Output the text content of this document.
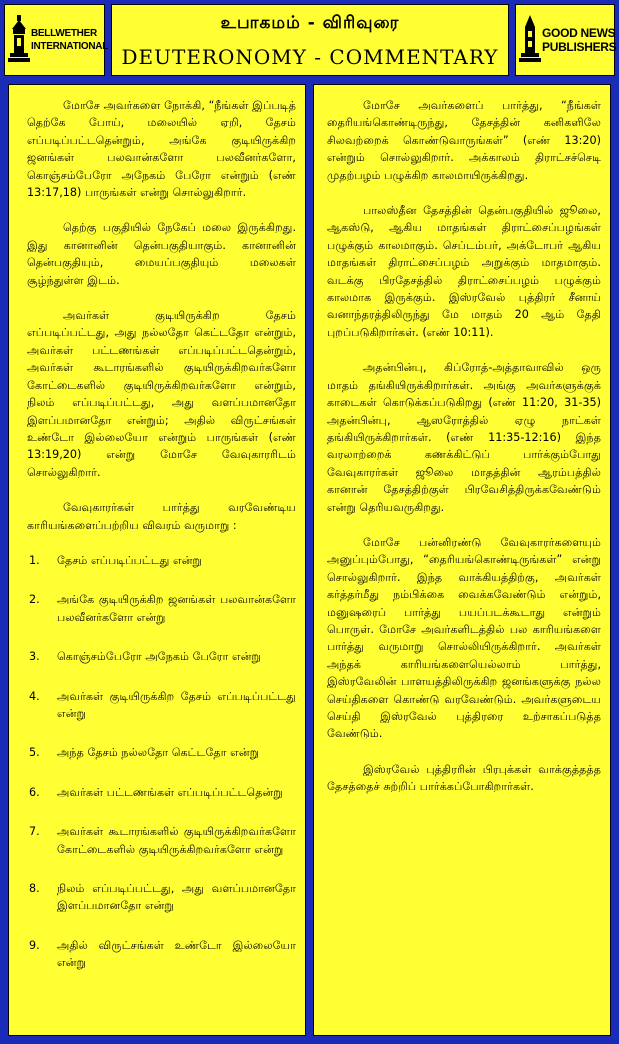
BELLWETHER
INTERNATIONAL
உபாகமம் - விரிவுரை
DEUTERONOMY - COMMENTARY
GOOD NEWS
PUBLISHERS

மோசே அவர்களை நோக்கி, “நீங்கள் இப்படித் தெற்கே போய், மலையில் ஏறி, தேசம் எப்படிப்பட்டதென்றும், அங்கே குடியிருக்கிற ஜனங்கள் பலவான்களோ பலவீனர்களோ, கொஞ்சம்பேரோ அநேகம் பேரோ என்றும் (எண் 13:17,18) பாருங்கள் என்று சொல்லுகிறார்.

தெற்கு பகுதியில் நேகேப் மலை இருக்கிறது. இது கானானின் தென்பகுதியாகும். கானானின் தென்பகுதியும், மையப்பகுதியும் மலைகள் சூழ்ந்துள்ள இடம்.

அவர்கள் குடியிருக்கிற தேசம் எப்படிப்பட்டது, அது நல்லதோ கெட்டதோ என்றும், அவர்கள் பட்டணங்கள் எப்படிப்பட்டதென்றும், அவர்கள் கூடாரங்களில் குடியிருக்கிறவர்களோ கோட்டைகளில் குடியிருக்கிறவர்களோ என்றும், நிலம் எப்படிப்பட்டது, அது வளப்பமானதோ இளப்பமானதோ என்றும்; அதில் விருட்சங்கள் உண்டோ இல்லையோ என்றும் பாருங்கள் (எண் 13:19,20) என்று மோசே வேவுகாரரிடம் சொல்லுகிறார்.

வேவுகாரர்கள் பார்த்து வரவேண்டிய காரியங்களைப்பற்றிய விவரம் வருமாறு :

1.	தேசம் எப்படிப்பட்டது என்று
2.	அங்கே குடியிருக்கிற ஜனங்கள் பலவான்களோ பலவீனர்களோ என்று
3.	கொஞ்சம்பேரோ அநேகம் பேரோ என்று
4.	அவர்கள் குடியிருக்கிற தேசம் எப்படிப்பட்டது என்று
5.	அந்த தேசம் நல்லதோ கெட்டதோ என்று
6.	அவர்கள் பட்டணங்கள் எப்படிப்பட்டதென்று
7.	அவர்கள் கூடாரங்களில் குடியிருக்கிறவர்களோ கோட்டைகளில் குடியிருக்கிறவர்களோ என்று
8.	நிலம் எப்படிப்பட்டது, அது வளப்பமானதோ இளப்பமானதோ என்று
9.	அதில் விருட்சங்கள் உண்டோ இல்லையோ என்று

மோசே அவர்களைப் பார்த்து, “நீங்கள் தைரியங்கொண்டிருந்து, தேசத்தின் கனிகளிலே சிலவற்றைக் கொண்டுவாருங்கள்” (எண் 13:20) என்றும் சொல்லுகிறார். அக்காலம் திராட்சச்செடி முதற்பழம் பழுக்கிற காலமாயிருக்கிறது.

பாலஸ்தீன தேசத்தின் தென்பகுதியில் ஜூலை, ஆகஸ்டு, ஆகிய மாதங்கள் திராட்சைப்பழங்கள் பழுக்கும் காலமாகும். செப்டம்பர், அக்டோபர் ஆகிய மாதங்கள் திராட்சைப்பழம் அறுக்கும் மாதமாகும். வடக்கு பிரதேசத்தில் திராட்சைப்பழம் பழுக்கும் காலமாக இருக்கும். இஸ்ரவேல் புத்திரர் சீனாய் வனாந்தரத்திலிருந்து மே மாதம் 20 ஆம் தேதி புறப்படுகிறார்கள். (எண் 10:11).

அதன்பின்பு, கிப்ரோத்-அத்தாவாவில் ஒரு மாதம் தங்கியிருக்கிறார்கள். அங்கு அவர்களுக்குக் காடைகள் கொடுக்கப்படுகிறது (எண் 11:20, 31-35) அதன்பின்பு, ஆஸரோத்தில் ஏழு நாட்கள் தங்கியிருக்கிறார்கள். (எண் 11:35-12:16) இந்த வரலாற்றைக் கணக்கிட்டுப் பார்க்கும்போது வேவுகாரர்கள் ஜூலை மாதத்தின் ஆரம்பத்தில் கானான் தேசத்திற்குள் பிரவேசித்திருக்கவேண்டும் என்று தெரியவருகிறது.

மோசே பன்னிரண்டு வேவுகாரர்களையும் அனுப்பும்போது, “தைரியங்கொண்டிருங்கள்” என்று சொல்லுகிறார். இந்த வாக்கியத்திற்கு, அவர்கள் கர்த்தர்மீது நம்பிக்கை வைக்கவேண்டும் என்றும், மனுஷரைப் பார்த்து பயப்படக்கூடாது என்றும் பொருள். மோசே அவர்களிடத்தில் பல காரியங்களை பார்த்து வருமாறு சொல்லியிருக்கிறார். அவர்கள் அந்தக் காரியங்களையெல்லாம் பார்த்து, இஸ்ரவேலின் பாளயத்திலிருக்கிற ஜனங்களுக்கு நல்ல செய்திகளை கொண்டு வரவேண்டும். அவர்களுடைய செய்தி இஸ்ரவேல் புத்திரரை உற்சாகப்படுத்த வேண்டும்.

இஸ்ரவேல் புத்திரரின் பிரபுக்கள் வாக்குத்தத்த தேசத்தைச் சுற்றிப் பார்க்கப்போகிறார்கள்.
